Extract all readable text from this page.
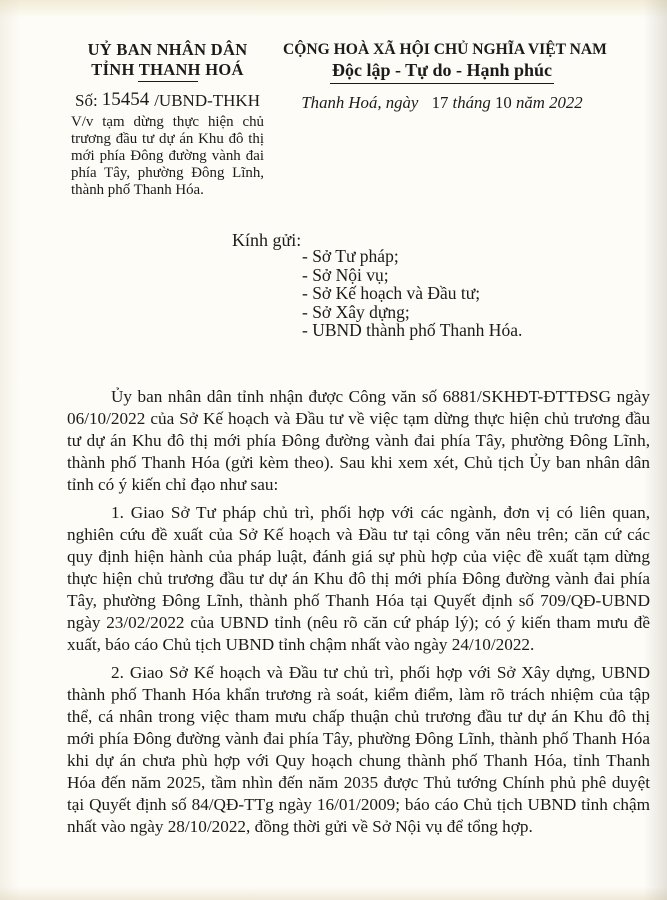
UỶ BAN NHÂN DÂN
TỈNH THANH HOÁ
Số: 15454 /UBND-THKH
V/v tạm dừng thực hiện chủ trương đầu tư dự án Khu đô thị mới phía Đông đường vành đai phía Tây, phường Đông Lĩnh, thành phố Thanh Hóa.
CỘNG HOÀ XÃ HỘI CHỦ NGHĨA VIỆT NAM
Độc lập - Tự do - Hạnh phúc
Thanh Hoá, ngày 17 tháng 10 năm 2022
Kính gửi:
- Sở Tư pháp;
- Sở Nội vụ;
- Sở Kế hoạch và Đầu tư;
- Sở Xây dựng;
- UBND thành phố Thanh Hóa.

Ủy ban nhân dân tỉnh nhận được Công văn số 6881/SKHĐT-ĐTTĐSG ngày 06/10/2022 của Sở Kế hoạch và Đầu tư về việc tạm dừng thực hiện chủ trương đầu tư dự án Khu đô thị mới phía Đông đường vành đai phía Tây, phường Đông Lĩnh, thành phố Thanh Hóa (gửi kèm theo). Sau khi xem xét, Chủ tịch Ủy ban nhân dân tỉnh có ý kiến chỉ đạo như sau:

1. Giao Sở Tư pháp chủ trì, phối hợp với các ngành, đơn vị có liên quan, nghiên cứu đề xuất của Sở Kế hoạch và Đầu tư tại công văn nêu trên; căn cứ các quy định hiện hành của pháp luật, đánh giá sự phù hợp của việc đề xuất tạm dừng thực hiện chủ trương đầu tư dự án Khu đô thị mới phía Đông đường vành đai phía Tây, phường Đông Lĩnh, thành phố Thanh Hóa tại Quyết định số 709/QĐ-UBND ngày 23/02/2022 của UBND tỉnh (nêu rõ căn cứ pháp lý); có ý kiến tham mưu đề xuất, báo cáo Chủ tịch UBND tỉnh chậm nhất vào ngày 24/10/2022.

2. Giao Sở Kế hoạch và Đầu tư chủ trì, phối hợp với Sở Xây dựng, UBND thành phố Thanh Hóa khẩn trương rà soát, kiểm điểm, làm rõ trách nhiệm của tập thể, cá nhân trong việc tham mưu chấp thuận chủ trương đầu tư dự án Khu đô thị mới phía Đông đường vành đai phía Tây, phường Đông Lĩnh, thành phố Thanh Hóa khi dự án chưa phù hợp với Quy hoạch chung thành phố Thanh Hóa, tỉnh Thanh Hóa đến năm 2025, tầm nhìn đến năm 2035 được Thủ tướng Chính phủ phê duyệt tại Quyết định số 84/QĐ-TTg ngày 16/01/2009; báo cáo Chủ tịch UBND tỉnh chậm nhất vào ngày 28/10/2022, đồng thời gửi về Sở Nội vụ để tổng hợp.
